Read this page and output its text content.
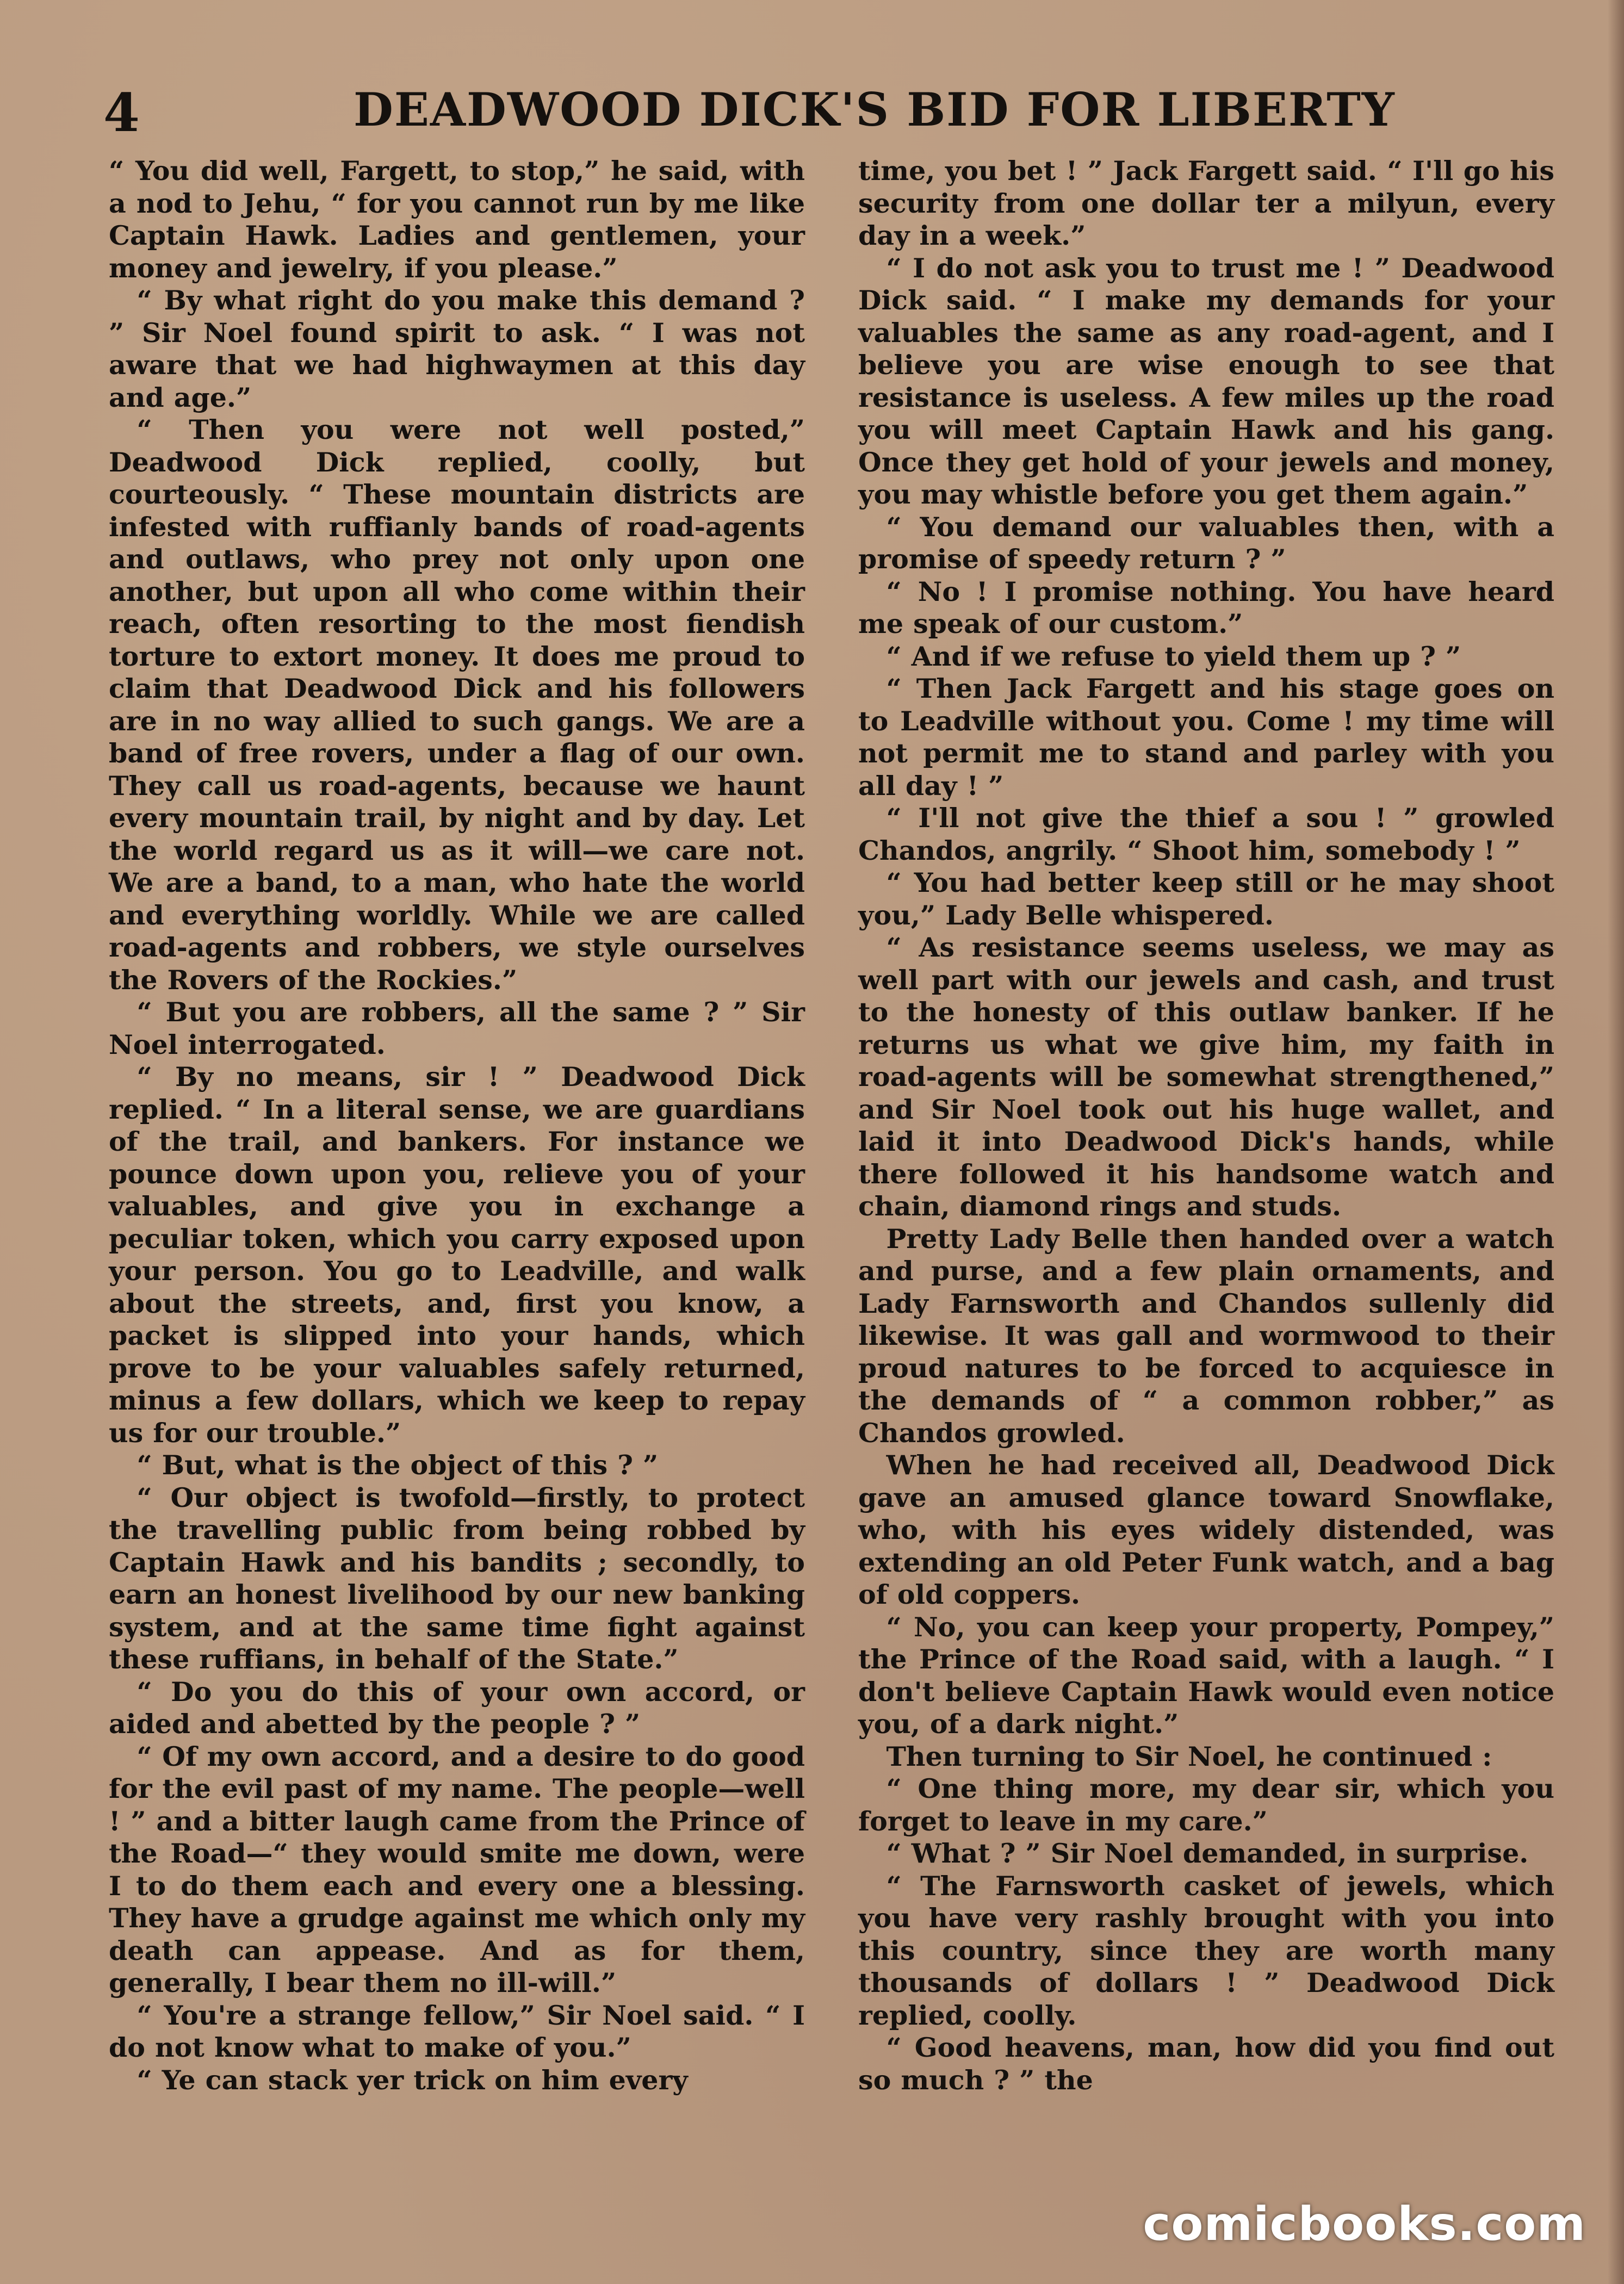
4	DEADWOOD DICK'S BID FOR LIBERTY

“ You did well, Fargett, to stop,” he said, with a nod to Jehu, “ for you cannot run by me like Captain Hawk. Ladies and gentlemen, your money and jewelry, if you please.”

“ By what right do you make this demand ? ” Sir Noel found spirit to ask. “ I was not aware that we had highwaymen at this day and age.”

“ Then you were not well posted,” Deadwood Dick replied, coolly, but courteously. “ These mountain districts are infested with ruffianly bands of road-agents and outlaws, who prey not only upon one another, but upon all who come within their reach, often resorting to the most fiendish torture to extort money. It does me proud to claim that Deadwood Dick and his followers are in no way allied to such gangs. We are a band of free rovers, under a flag of our own. They call us road-agents, because we haunt every mountain trail, by night and by day. Let the world regard us as it will—we care not. We are a band, to a man, who hate the world and everything worldly. While we are called road-agents and robbers, we style ourselves the Rovers of the Rockies.”

“ But you are robbers, all the same ? ” Sir Noel interrogated.

“ By no means, sir ! ” Deadwood Dick replied. “ In a literal sense, we are guardians of the trail, and bankers. For instance we pounce down upon you, relieve you of your valuables, and give you in exchange a peculiar token, which you carry exposed upon your person. You go to Leadville, and walk about the streets, and, first you know, a packet is slipped into your hands, which prove to be your valuables safely returned, minus a few dollars, which we keep to repay us for our trouble.”

“ But, what is the object of this ? ”

“ Our object is twofold—firstly, to protect the travelling public from being robbed by Captain Hawk and his bandits ; secondly, to earn an honest livelihood by our new banking system, and at the same time fight against these ruffians, in behalf of the State.”

“ Do you do this of your own accord, or aided and abetted by the people ? ”

“ Of my own accord, and a desire to do good for the evil past of my name. The people—well ! ” and a bitter laugh came from the Prince of the Road—“ they would smite me down, were I to do them each and every one a blessing. They have a grudge against me which only my death can appease. And as for them, generally, I bear them no ill-will.”

“ You're a strange fellow,” Sir Noel said. “ I do not know what to make of you.”

“ Ye can stack yer trick on him every

time, you bet ! ” Jack Fargett said. “ I'll go his security from one dollar ter a milyun, every day in a week.”

“ I do not ask you to trust me ! ” Deadwood Dick said. “ I make my demands for your valuables the same as any road-agent, and I believe you are wise enough to see that resistance is useless. A few miles up the road you will meet Captain Hawk and his gang. Once they get hold of your jewels and money, you may whistle before you get them again.”

“ You demand our valuables then, with a promise of speedy return ? ”

“ No ! I promise nothing. You have heard me speak of our custom.”

“ And if we refuse to yield them up ? ”

“ Then Jack Fargett and his stage goes on to Leadville without you. Come ! my time will not permit me to stand and parley with you all day ! ”

“ I'll not give the thief a sou ! ” growled Chandos, angrily. “ Shoot him, somebody ! ”

“ You had better keep still or he may shoot you,” Lady Belle whispered.

“ As resistance seems useless, we may as well part with our jewels and cash, and trust to the honesty of this outlaw banker. If he returns us what we give him, my faith in road-agents will be somewhat strengthened,” and Sir Noel took out his huge wallet, and laid it into Deadwood Dick's hands, while there followed it his handsome watch and chain, diamond rings and studs.

Pretty Lady Belle then handed over a watch and purse, and a few plain ornaments, and Lady Farnsworth and Chandos sullenly did likewise. It was gall and wormwood to their proud natures to be forced to acquiesce in the demands of “ a common robber,” as Chandos growled.

When he had received all, Deadwood Dick gave an amused glance toward Snowflake, who, with his eyes widely distended, was extending an old Peter Funk watch, and a bag of old coppers.

“ No, you can keep your property, Pompey,” the Prince of the Road said, with a laugh. “ I don't believe Captain Hawk would even notice you, of a dark night.”

Then turning to Sir Noel, he continued :

“ One thing more, my dear sir, which you forget to leave in my care.”

“ What ? ” Sir Noel demanded, in surprise.

“ The Farnsworth casket of jewels, which you have very rashly brought with you into this country, since they are worth many thousands of dollars ! ” Deadwood Dick replied, coolly.

“ Good heavens, man, how did you find out so much ? ” the

comicbooks.com
